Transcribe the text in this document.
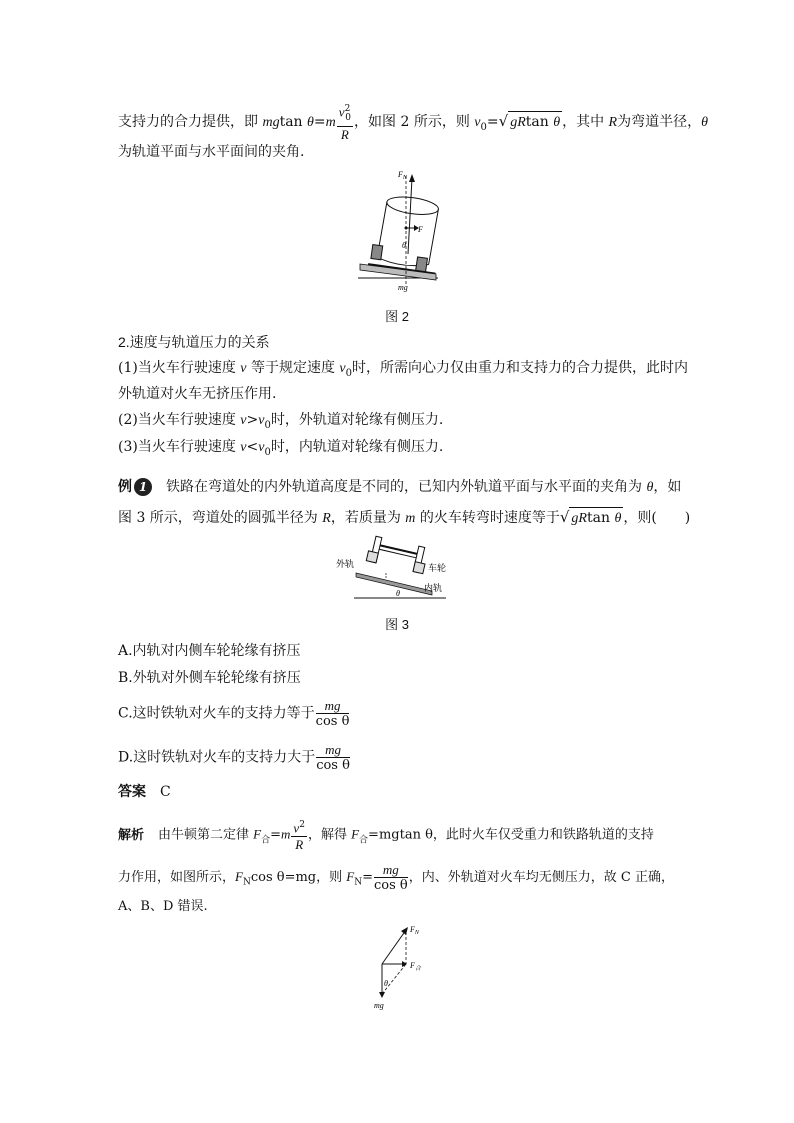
支持力的合力提供，即 mgtan $\theta=m \frac{v^2_0}{R}$ ，如图 2 所示，则 $v_0=√$ gRtan θ ，其中 R为弯道半径，θ
为轨道平面与水平面间的夹角.
$F_N$
F
θ
mg
图 2
2.速度与轨道压力的关系
(1)当火车行驶速度 v 等于规定速度 $v_0$时，所需向心力仅由重力和支持力的合力提供，此时内
外轨道对火车无挤压作用.
(2)当火车行驶速度 $v>v_0$时，外轨道对轮缘有侧压力.
(3)当火车行驶速度 $v<v_0$时，内轨道对轮缘有侧压力.
例 1 铁路在弯道处的内外轨道高度是不同的，已知内外轨道平面与水平面的夹角为 θ，如
图 3 所示，弯道处的圆弧半径为 R，若质量为 m 的火车转弯时速度等于√ gRtan θ ，则(　　)
外轨	车轮
内轨
θ
图 3
A.内轨对内侧车轮轮缘有挤压
B.外轨对外侧车轮轮缘有挤压
C.这时铁轨对火车的支持力等于 $\frac{mg}{\text{cos θ}}$
D.这时铁轨对火车的支持力大于 $\frac{mg}{\text{cos θ}}$
答案 C
解析 由牛顿第二定律 $F_合=m \frac{v^2}{R}$ ，解得 $F_合=mgtan$ θ，此时火车仅受重力和铁路轨道的支持
力作用，如图所示，$F_N\cos$ θ=mg，则 $F_N= \frac{mg}{\text{cos θ}}$ ，内、外轨道对火车均无侧压力，故 C 正确，
A、B、D 错误.
$F_N$
$F_合$
θ
mg
